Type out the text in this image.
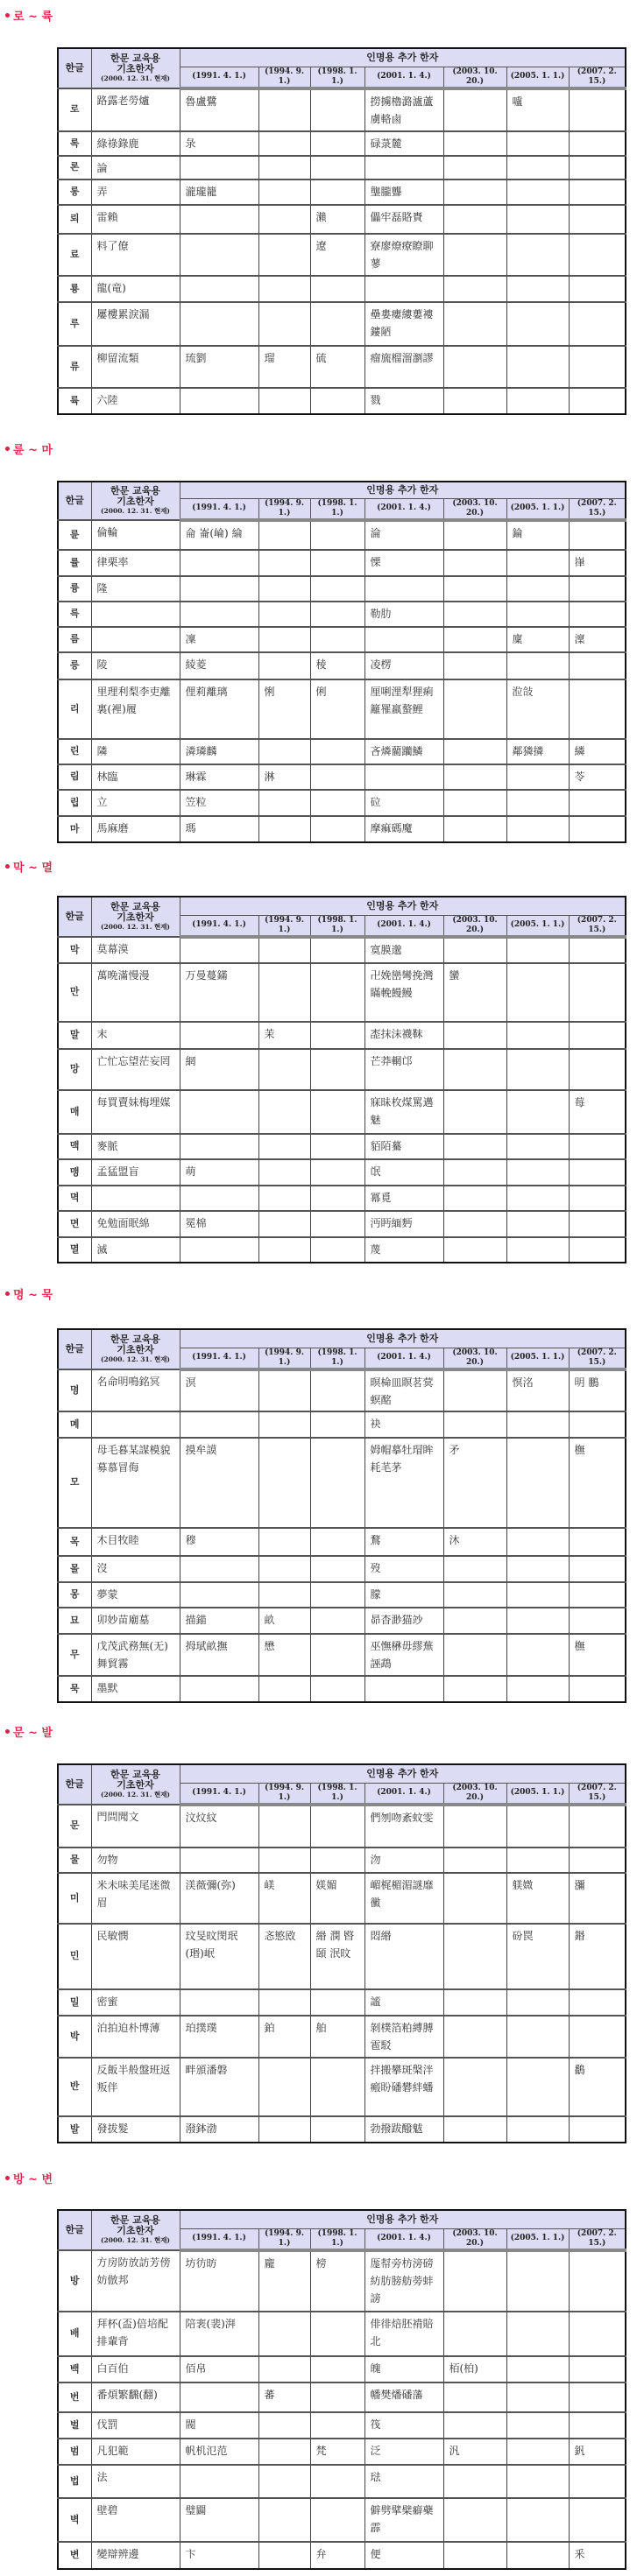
로 ~ 륙
한글	한문 교육용
기초한자
(2000. 12. 31. 현재)	인명용 추가 한자						
		(1991. 4. 1.)	(1994. 9. 1.)	(1998. 1. 1.)	(2001. 1. 4.)	(2003. 10. 20.)	(2005. 1. 1.)	(2007. 2. 15.)
로	路露老勞爐	魯盧鷺			撈擄櫓潞瀘蘆虜輅鹵		嚧	
록	綠祿錄鹿	彔			碌菉麓			
론	論							
롱	弄	瀧瓏籠			壟朧聾			
뢰	雷賴			瀨	儡牢磊賂賚			
료	料了僚			遼	寮廖燎療瞭聊蓼			
룡	龍(竜)							
루	屢樓累淚漏				壘婁瘻縷蔞褸鏤陋			
류	柳留流類	琉劉	瑠	硫	瘤旒榴溜瀏謬			
륙	六陸				戮			
륜 ~ 마
한글	한문 교육용
기초한자
(2000. 12. 31. 현재)	인명용 추가 한자						
		(1991. 4. 1.)	(1994. 9. 1.)	(1998. 1. 1.)	(2001. 1. 4.)	(2003. 10. 20.)	(2005. 1. 1.)	(2007. 2. 15.)
륜	倫輪	侖 崙(崘) 綸			淪		錀	
률	律栗率				慄			嵂
륭	隆							
륵					勒肋			
름		凜					廩	澟
릉	陵	綾菱		稜	凌楞			
리	里理利梨李吏離裏(裡)履	俚莉離璃	悧	俐	厘唎浬犁狸痢籬罹羸螯鯉		涖敆	
린	隣	潾璘麟			吝燐藺躪鱗		鄰獜撛	繗
림	林臨	琳霖	淋					苓
립	立	笠粒			砬			
마	馬麻磨	瑪			摩痲碼魔			
막 ~ 멸
한글	한문 교육용
기초한자
(2000. 12. 31. 현재)	인명용 추가 한자						
		(1991. 4. 1.)	(1994. 9. 1.)	(1998. 1. 1.)	(2001. 1. 4.)	(2003. 10. 20.)	(2005. 1. 1.)	(2007. 2. 15.)
막	莫幕漠				寞膜邈			
만	萬晩滿慢漫	万曼蔓鏋			卍娩巒彎挽灣瞞輓饅鰻	蠻		
말	末		茉		唜抹沫襪靺			
망	亡忙忘望茫妄罔	網			芒莽輞邙			
매	每買賣妹梅埋媒				寐昧枚煤罵邁魅			莓
맥	麥脈				貊陌驀			
맹	孟猛盟盲	萌			氓			
멱					冪覓			
면	免勉面眠綿	冕棉			沔眄緬麪			
멸	滅				蔑			
명 ~ 묵
한글	한문 교육용
기초한자
(2000. 12. 31. 현재)	인명용 추가 한자						
		(1991. 4. 1.)	(1994. 9. 1.)	(1998. 1. 1.)	(2001. 1. 4.)	(2003. 10. 20.)	(2005. 1. 1.)	(2007. 2. 15.)
명	名命明鳴銘冥	溟			暝椧皿瞑茗蓂螟酩		慏洺	明 鵬
몌					袂			
모	母毛暮某謀模貌募慕冒侮	摸牟謨			姆帽摹牡瑁眸耗芼茅	矛		橅
목	木目牧睦	穆			鶩	沐		
몰	沒				歿			
몽	夢蒙				朦			
묘	卯妙苗廟墓	描錨	畝		昴杳渺猫竗			
무	戊茂武務無(无)舞貿霧	拇珷畝撫	懋		巫憮楙毋繆蕪誣鵡			橅
묵	墨默							
문 ~ 발
한글	한문 교육용
기초한자
(2000. 12. 31. 현재)	인명용 추가 한자						
		(1991. 4. 1.)	(1994. 9. 1.)	(1998. 1. 1.)	(2001. 1. 4.)	(2003. 10. 20.)	(2005. 1. 1.)	(2007. 2. 15.)
문	門問聞文	汶炆紋			們刎吻紊蚊雯			
물	勿物				沕			
미	米未味美尾迷微眉	渼薇彌(弥)	嵄	媄媚	嵋梶楣湄謎靡黴		躾媺	瀰
민	民敏憫	玟旻旼閔珉(瑉)岷	忞慜敃	緡 潣 暋 頣 泯旼	悶緡		砏罠	鍲
밀	密蜜				謐			
박	泊拍迫朴博薄	珀撲璞	鉑	舶	剝樸箔粕縛膊雹駁			
반	反飯半般盤班返叛伴	畔頒潘磐			拌搬攀斑槃泮瘢盼磻礬絆蟠			鷭
발	發拔髮	潑鉢渤			勃撥跋醱魃			
방 ~ 변
한글	한문 교육용
기초한자
(2000. 12. 31. 현재)	인명용 추가 한자						
		(1991. 4. 1.)	(1994. 9. 1.)	(1998. 1. 1.)	(2001. 1. 4.)	(2003. 10. 20.)	(2005. 1. 1.)	(2007. 2. 15.)
방	方房防放訪芳傍妨倣邦	坊彷昉	龐	榜	厖幇旁枋滂磅紡肪膀舫蒡蚌謗			
배	拜杯(盃)倍培配排輩背	陪裵(裴)湃			俳徘焙胚褙賠北			
백	白百伯	佰帛			魄	栢(柏)		
번	番煩繁飜(翻)		蕃		幡樊燔磻藩			
벌	伐罰	閥			筏			
범	凡犯範	帆机氾范		梵	泛	汎		釩
법	法				琺			
벽	壁碧	璧闢			僻劈擘檗癖蘗霹			
변	變辯辨邊	卞		弁	便			釆
